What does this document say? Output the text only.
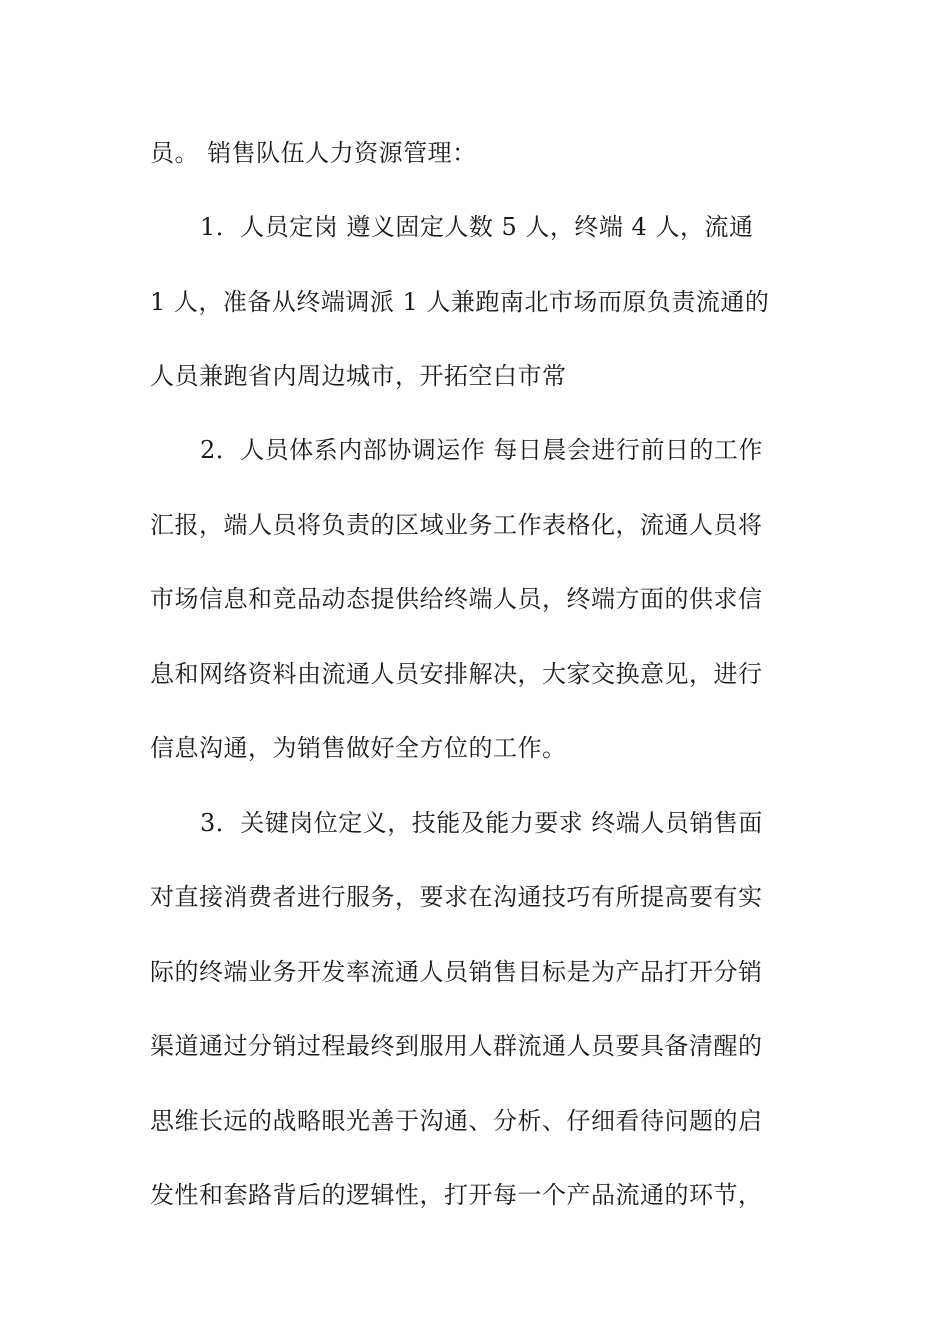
员。 销售队伍人力资源管理：
1．人员定岗 遵义固定人数 5 人，终端 4 人，流通
1 人，准备从终端调派 1 人兼跑南北市场而原负责流通的
人员兼跑省内周边城市，开拓空白市常
2．人员体系内部协调运作 每日晨会进行前日的工作
汇报，端人员将负责的区域业务工作表格化，流通人员将
市场信息和竞品动态提供给终端人员，终端方面的供求信
息和网络资料由流通人员安排解决，大家交换意见，进行
信息沟通，为销售做好全方位的工作。
3．关键岗位定义，技能及能力要求 终端人员销售面
对直接消费者进行服务，要求在沟通技巧有所提高要有实
际的终端业务开发率流通人员销售目标是为产品打开分销
渠道通过分销过程最终到服用人群流通人员要具备清醒的
思维长远的战略眼光善于沟通、分析、仔细看待问题的启
发性和套路背后的逻辑性，打开每一个产品流通的环节，
